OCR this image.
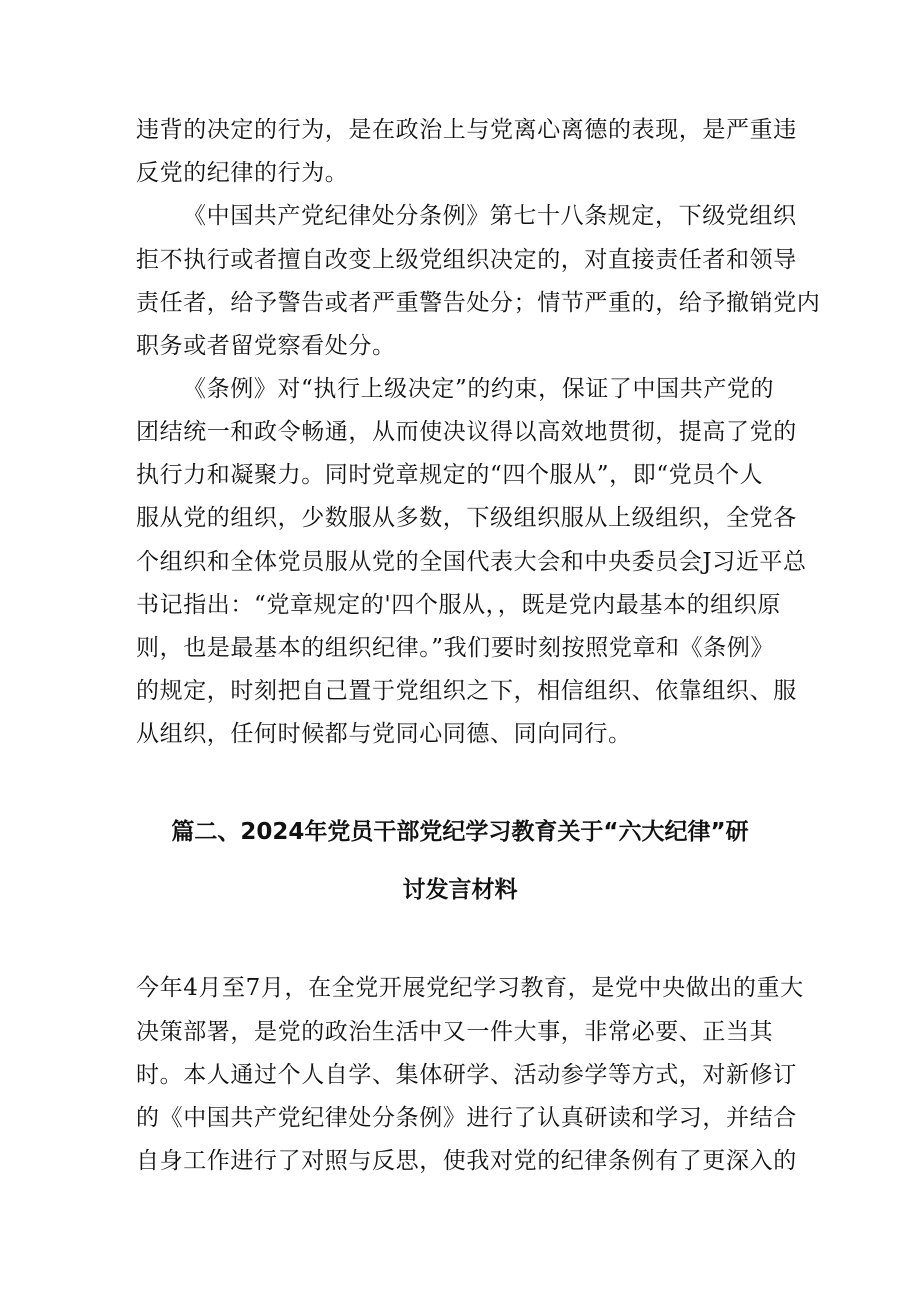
违背的决定的行为，是在政治上与党离心离德的表现，是严重违
反党的纪律的行为。
《中国共产党纪律处分条例》第七十八条规定，下级党组织
拒不执行或者擅自改变上级党组织决定的，对直接责任者和领导
责任者，给予警告或者严重警告处分；情节严重的，给予撤销党内
职务或者留党察看处分。
《条例》对“执行上级决定”的约束，保证了中国共产党的
团结统一和政令畅通，从而使决议得以高效地贯彻，提高了党的
执行力和凝聚力。同时党章规定的“四个服从”，即“党员个人
服从党的组织，少数服从多数，下级组织服从上级组织，全党各
个组织和全体党员服从党的全国代表大会和中央委员会J习近平总
书记指出：“党章规定的'四个服从，，既是党内最基本的组织原
则，也是最基本的组织纪律。”我们要时刻按照党章和《条例》
的规定，时刻把自己置于党组织之下，相信组织、依靠组织、服
从组织，任何时候都与党同心同德、同向同行。
篇二、2024年党员干部党纪学习教育关于“六大纪律”研
讨发言材料
今年4月至7月，在全党开展党纪学习教育，是党中央做出的重大
决策部署，是党的政治生活中又一件大事，非常必要、正当其
时。本人通过个人自学、集体研学、活动参学等方式，对新修订
的《中国共产党纪律处分条例》进行了认真研读和学习，并结合
自身工作进行了对照与反思，使我对党的纪律条例有了更深入的
